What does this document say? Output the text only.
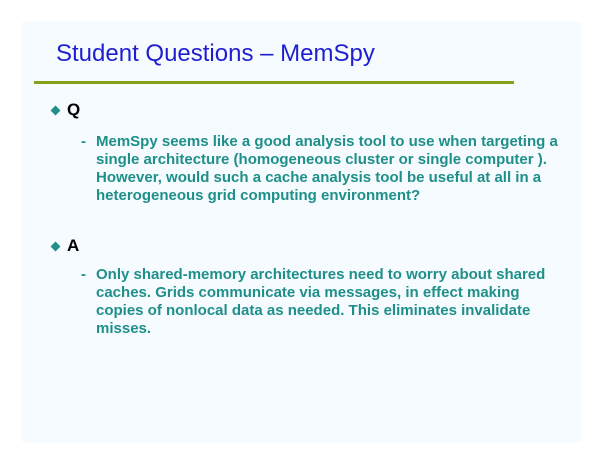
Student Questions – MemSpy
Q
- MemSpy seems like a good analysis tool to use when targeting a single architecture (homogeneous cluster or single computer ). However, would such a cache analysis tool be useful at all in a heterogeneous grid computing environment?
A
- Only shared-memory architectures need to worry about shared caches. Grids communicate via messages, in effect making copies of nonlocal data as needed. This eliminates invalidate misses.
